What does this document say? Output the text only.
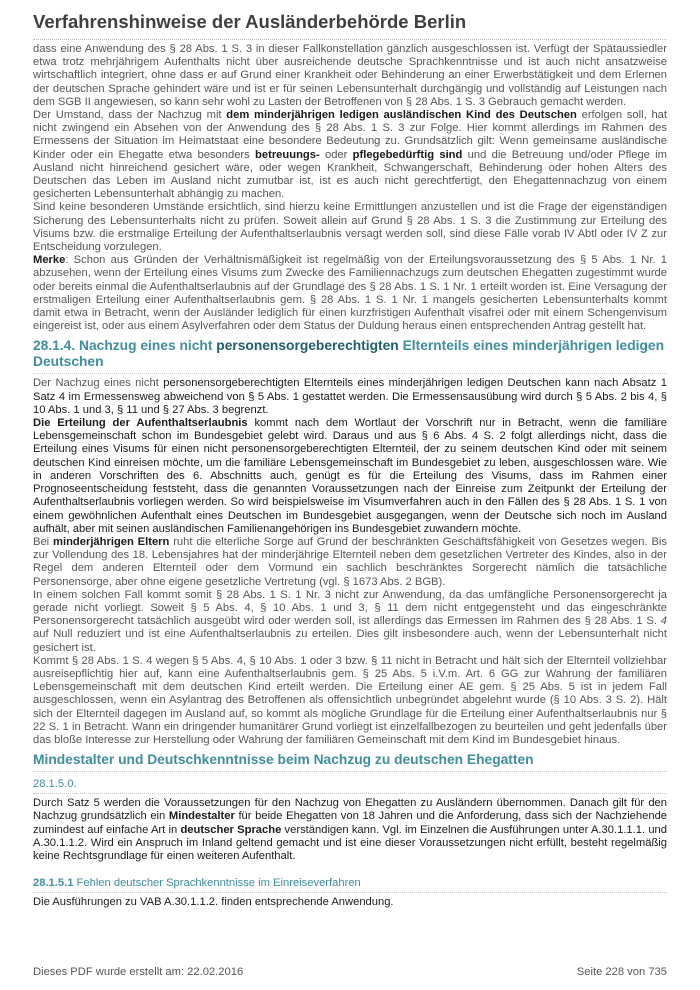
Verfahrenshinweise der Ausländerbehörde Berlin

dass eine Anwendung des § 28 Abs. 1 S. 3 in dieser Fallkonstellation gänzlich ausgeschlossen ist. Verfügt der Spätaussiedler etwa trotz mehrjährigem Aufenthalts nicht über ausreichende deutsche Sprachkenntnisse und ist auch nicht ansatzweise wirtschaftlich integriert, ohne dass er auf Grund einer Krankheit oder Behinderung an einer Erwerbstätigkeit und dem Erlernen der deutschen Sprache gehindert wäre und ist er für seinen Lebensunterhalt durchgängig und vollständig auf Leistungen nach dem SGB II angewiesen, so kann sehr wohl zu Lasten der Betroffenen von § 28 Abs. 1 S. 3 Gebrauch gemacht werden.

Der Umstand, dass der Nachzug mit dem minderjährigen ledigen ausländischen Kind des Deutschen erfolgen soll, hat nicht zwingend ein Absehen von der Anwendung des § 28 Abs. 1 S. 3 zur Folge. Hier kommt allerdings im Rahmen des Ermessens der Situation im Heimatstaat eine besondere Bedeutung zu. Grundsätzlich gilt: Wenn gemeinsame ausländische Kinder oder ein Ehegatte etwa besonders betreuungs- oder pflegebedürftig sind und die Betreuung und/oder Pflege im Ausland nicht hinreichend gesichert wäre, oder wegen Krankheit, Schwangerschaft, Behinderung oder hohen Alters des Deutschen das Leben im Ausland nicht zumutbar ist, ist es auch nicht gerechtfertigt, den Ehegattennachzug von einem gesicherten Lebensunterhalt abhängig zu machen.

Sind keine besonderen Umstände ersichtlich, sind hierzu keine Ermittlungen anzustellen und ist die Frage der eigenständigen Sicherung des Lebensunterhalts nicht zu prüfen. Soweit allein auf Grund § 28 Abs. 1 S. 3 die Zustimmung zur Erteilung des Visums bzw. die erstmalige Erteilung der Aufenthaltserlaubnis versagt werden soll, sind diese Fälle vorab IV Abtl oder IV Z zur Entscheidung vorzulegen.

Merke: Schon aus Gründen der Verhältnismäßigkeit ist regelmäßig von der Erteilungsvoraussetzung des § 5 Abs. 1 Nr. 1 abzusehen, wenn der Erteilung eines Visums zum Zwecke des Familiennachzugs zum deutschen Ehegatten zugestimmt wurde oder bereits einmal die Aufenthaltserlaubnis auf der Grundlage des § 28 Abs. 1 S. 1 Nr. 1 erteilt worden ist. Eine Versagung der erstmaligen Erteilung einer Aufenthaltserlaubnis gem. § 28 Abs. 1 S. 1 Nr. 1 mangels gesicherten Lebensunterhalts kommt damit etwa in Betracht, wenn der Ausländer lediglich für einen kurzfristigen Aufenthalt visafrei oder mit einem Schengenvisum eingereist ist, oder aus einem Asylverfahren oder dem Status der Duldung heraus einen entsprechenden Antrag gestellt hat.

28.1.4. Nachzug eines nicht personensorgeberechtigten Elternteils eines minderjährigen ledigen Deutschen

Der Nachzug eines nicht personensorgeberechtigten Elternteils eines minderjährigen ledigen Deutschen kann nach Absatz 1 Satz 4 im Ermessensweg abweichend von § 5 Abs. 1 gestattet werden. Die Ermessensausübung wird durch § 5 Abs. 2 bis 4, § 10 Abs. 1 und 3, § 11 und § 27 Abs. 3 begrenzt.

Die Erteilung der Aufenthaltserlaubnis kommt nach dem Wortlaut der Vorschrift nur in Betracht, wenn die familiäre Lebensgemeinschaft schon im Bundesgebiet gelebt wird. Daraus und aus § 6 Abs. 4 S. 2 folgt allerdings nicht, dass die Erteilung eines Visums für einen nicht personensorgeberechtigten Elternteil, der zu seinem deutschen Kind oder mit seinem deutschen Kind einreisen möchte, um die familiäre Lebensgemeinschaft im Bundesgebiet zu leben, ausgeschlossen wäre. Wie in anderen Vorschriften des 6. Abschnitts auch, genügt es für die Erteilung des Visums, dass im Rahmen einer Prognoseentscheidung feststeht, dass die genannten Voraussetzungen nach der Einreise zum Zeitpunkt der Erteilung der Aufenthaltserlaubnis vorliegen werden. So wird beispielsweise im Visumverfahren auch in den Fällen des § 28 Abs. 1 S. 1 von einem gewöhnlichen Aufenthalt eines Deutschen im Bundesgebiet ausgegangen, wenn der Deutsche sich noch im Ausland aufhält, aber mit seinen ausländischen Familienangehörigen ins Bundesgebiet zuwandern möchte.

Bei minderjährigen Eltern ruht die elterliche Sorge auf Grund der beschränkten Geschäftsfähigkeit von Gesetzes wegen. Bis zur Vollendung des 18. Lebensjahres hat der minderjährige Elternteil neben dem gesetzlichen Vertreter des Kindes, also in der Regel dem anderen Elternteil oder dem Vormund ein sachlich beschränktes Sorgerecht nämlich die tatsächliche Personensorge, aber ohne eigene gesetzliche Vertretung (vgl. § 1673 Abs. 2 BGB).

In einem solchen Fall kommt somit § 28 Abs. 1 S. 1 Nr. 3 nicht zur Anwendung, da das umfängliche Personensorgerecht ja gerade nicht vorliegt. Soweit § 5 Abs. 4, § 10 Abs. 1 und 3, § 11 dem nicht entgegensteht und das eingeschränkte Personensorgerecht tatsächlich ausgeübt wird oder werden soll, ist allerdings das Ermessen im Rahmen des § 28 Abs. 1 S. 4 auf Null reduziert und ist eine Aufenthaltserlaubnis zu erteilen. Dies gilt insbesondere auch, wenn der Lebensunterhalt nicht gesichert ist.

Kommt § 28 Abs. 1 S. 4 wegen § 5 Abs. 4, § 10 Abs. 1 oder 3 bzw. § 11 nicht in Betracht und hält sich der Elternteil vollziehbar ausreisepflichtig hier auf, kann eine Aufenthaltserlaubnis gem. § 25 Abs. 5 i.V.m. Art. 6 GG zur Wahrung der familiären Lebensgemeinschaft mit dem deutschen Kind erteilt werden. Die Erteilung einer AE gem. § 25 Abs. 5 ist in jedem Fall ausgeschlossen, wenn ein Asylantrag des Betroffenen als offensichtlich unbegründet abgelehnt wurde (§ 10 Abs. 3 S. 2). Hält sich der Elternteil dagegen im Ausland auf, so kommt als mögliche Grundlage für die Erteilung einer Aufenthaltserlaubnis nur § 22 S. 1 in Betracht. Wann ein dringender humanitärer Grund vorliegt ist einzelfallbezogen zu beurteilen und geht jedenfalls über das bloße Interesse zur Herstellung oder Wahrung der familiären Gemeinschaft mit dem Kind im Bundesgebiet hinaus.

Mindestalter und Deutschkenntnisse beim Nachzug zu deutschen Ehegatten
28.1.5.0.

Durch Satz 5 werden die Voraussetzungen für den Nachzug von Ehegatten zu Ausländern übernommen. Danach gilt für den Nachzug grundsätzlich ein Mindestalter für beide Ehegatten von 18 Jahren und die Anforderung, dass sich der Nachziehende zumindest auf einfache Art in deutscher Sprache verständigen kann. Vgl. im Einzelnen die Ausführungen unter A.30.1.1.1. und A.30.1.1.2. Wird ein Anspruch im Inland geltend gemacht und ist eine dieser Voraussetzungen nicht erfüllt, besteht regelmäßig keine Rechtsgrundlage für einen weiteren Aufenthalt.

28.1.5.1 Fehlen deutscher Sprachkenntnisse im Einreiseverfahren

Die Ausführungen zu VAB A.30.1.1.2. finden entsprechende Anwendung.

Dieses PDF wurde erstellt am: 22.02.2016	Seite 228 von 735
